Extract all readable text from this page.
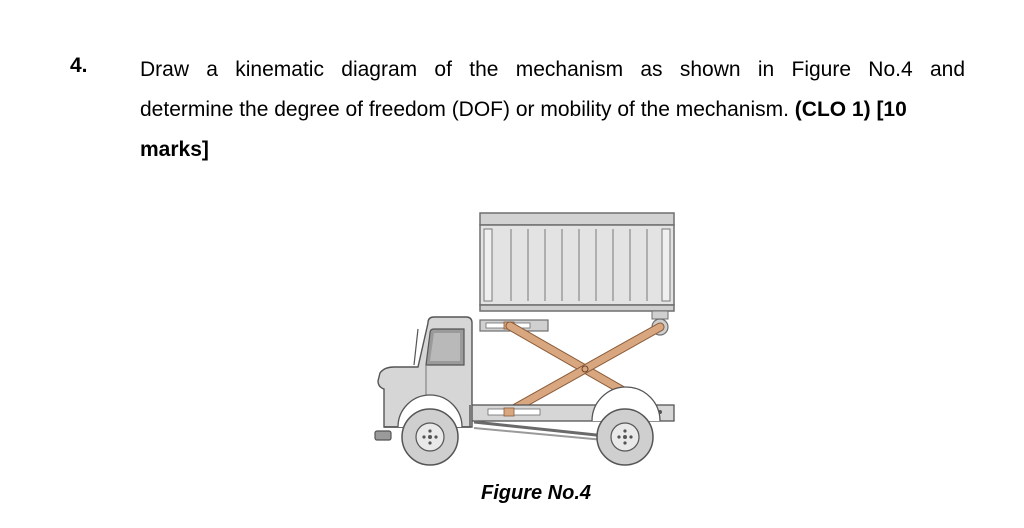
4. Draw a kinematic diagram of the mechanism as shown in Figure No.4 and
determine the degree of freedom (DOF) or mobility of the mechanism. (CLO 1) [10
marks]
Figure No.4
